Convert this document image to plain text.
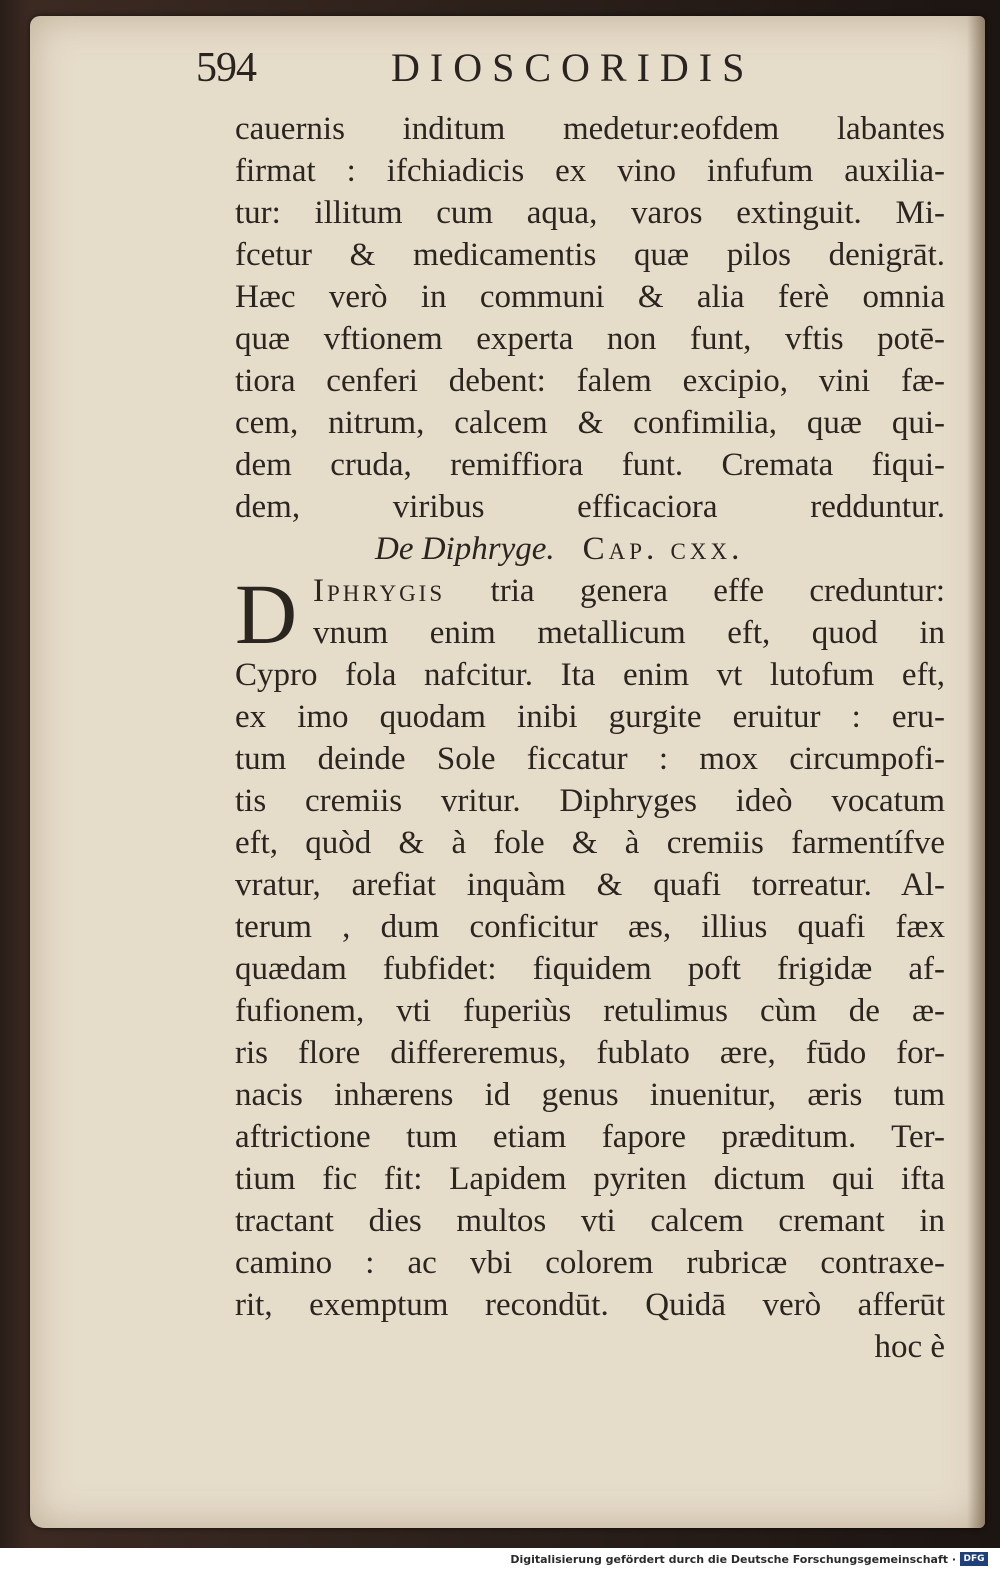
594	DIOSCORIDIS
cauernis inditum medetur:eofdem labantes
firmat : ifchiadicis ex vino infufum auxilia-
tur: illitum cum aqua, varos extinguit. Mi-
fcetur & medicamentis quæ pilos denigrāt.
Hæc verò in communi & alia ferè omnia
quæ vftionem experta non funt, vftis potē-
tiora cenferi debent: falem excipio, vini fæ-
cem, nitrum, calcem & confimilia, quæ qui-
dem cruda, remiffiora funt. Cremata fiqui-
dem, viribus efficaciora redduntur.
De Diphryge. Cap. cxx.
D Iphrygis tria genera effe creduntur:
vnum enim metallicum eft, quod in
Cypro fola nafcitur. Ita enim vt lutofum eft,
ex imo quodam inibi gurgite eruitur : eru-
tum deinde Sole ficcatur : mox circumpofi-
tis cremiis vritur. Diphryges ideò vocatum
eft, quòd & à fole & à cremiis farmentífve
vratur, arefiat inquàm & quafi torreatur. Al-
terum , dum conficitur æs, illius quafi fæx
quædam fubfidet: fiquidem poft frigidæ af-
fufionem, vti fuperiùs retulimus cùm de æ-
ris flore differeremus, fublato ære, fūdo for-
nacis inhærens id genus inuenitur, æris tum
aftrictione tum etiam fapore præditum. Ter-
tium fic fit: Lapidem pyriten dictum qui ifta
tractant dies multos vti calcem cremant in
camino : ac vbi colorem rubricæ contraxe-
rit, exemptum recondūt. Quidā verò afferūt
hoc è
Digitalisierung gefördert durch die Deutsche Forschungsgemeinschaft · DFG
